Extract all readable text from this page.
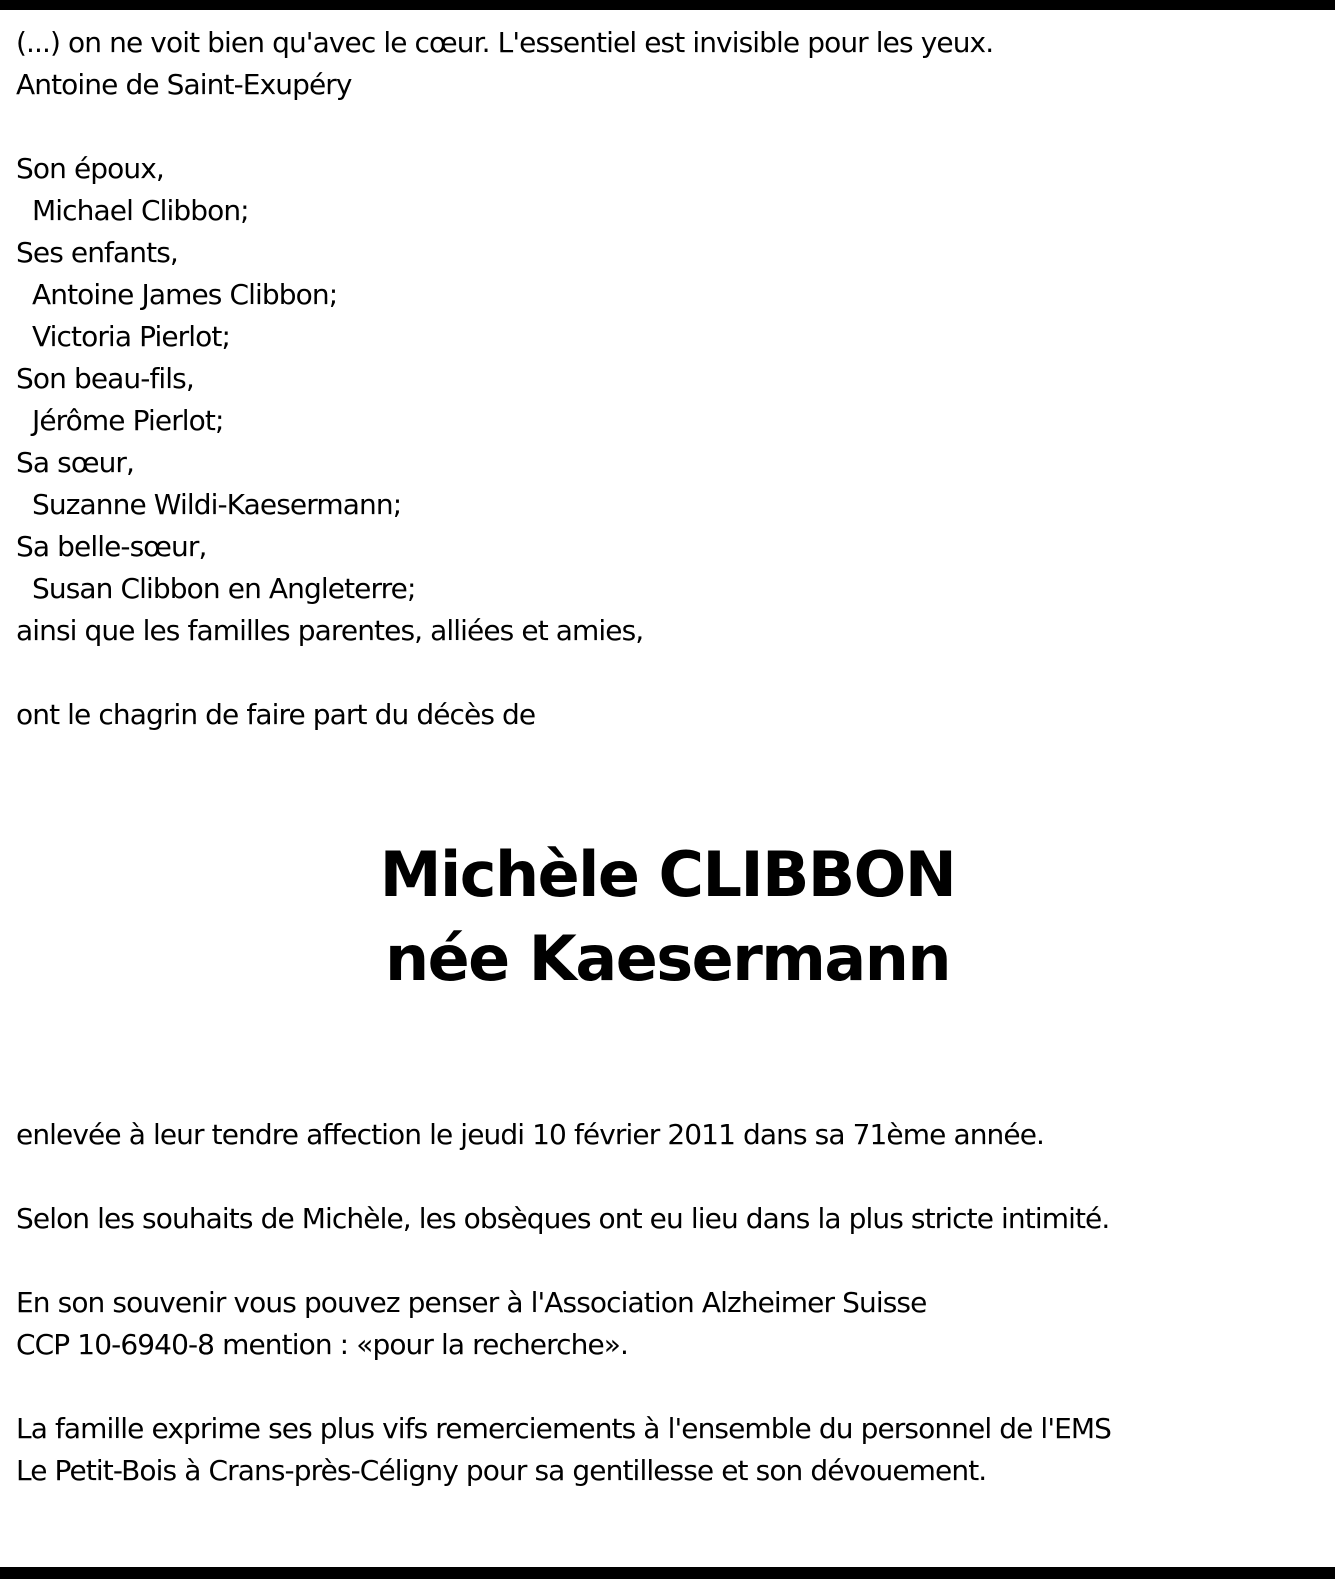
(...) on ne voit bien qu'avec le cœur. L'essentiel est invisible pour les yeux.
Antoine de Saint-Exupéry
Son époux,
Michael Clibbon;
Ses enfants,
Antoine James Clibbon;
Victoria Pierlot;
Son beau-fils,
Jérôme Pierlot;
Sa sœur,
Suzanne Wildi-Kaesermann;
Sa belle-sœur,
Susan Clibbon en Angleterre;
ainsi que les familles parentes, alliées et amies,
ont le chagrin de faire part du décès de
Michèle CLIBBON
née Kaesermann
enlevée à leur tendre affection le jeudi 10 février 2011 dans sa 71ème année.
Selon les souhaits de Michèle, les obsèques ont eu lieu dans la plus stricte intimité.
En son souvenir vous pouvez penser à l'Association Alzheimer Suisse
CCP 10-6940-8 mention : «pour la recherche».
La famille exprime ses plus vifs remerciements à l'ensemble du personnel de l'EMS
Le Petit-Bois à Crans-près-Céligny pour sa gentillesse et son dévouement.
